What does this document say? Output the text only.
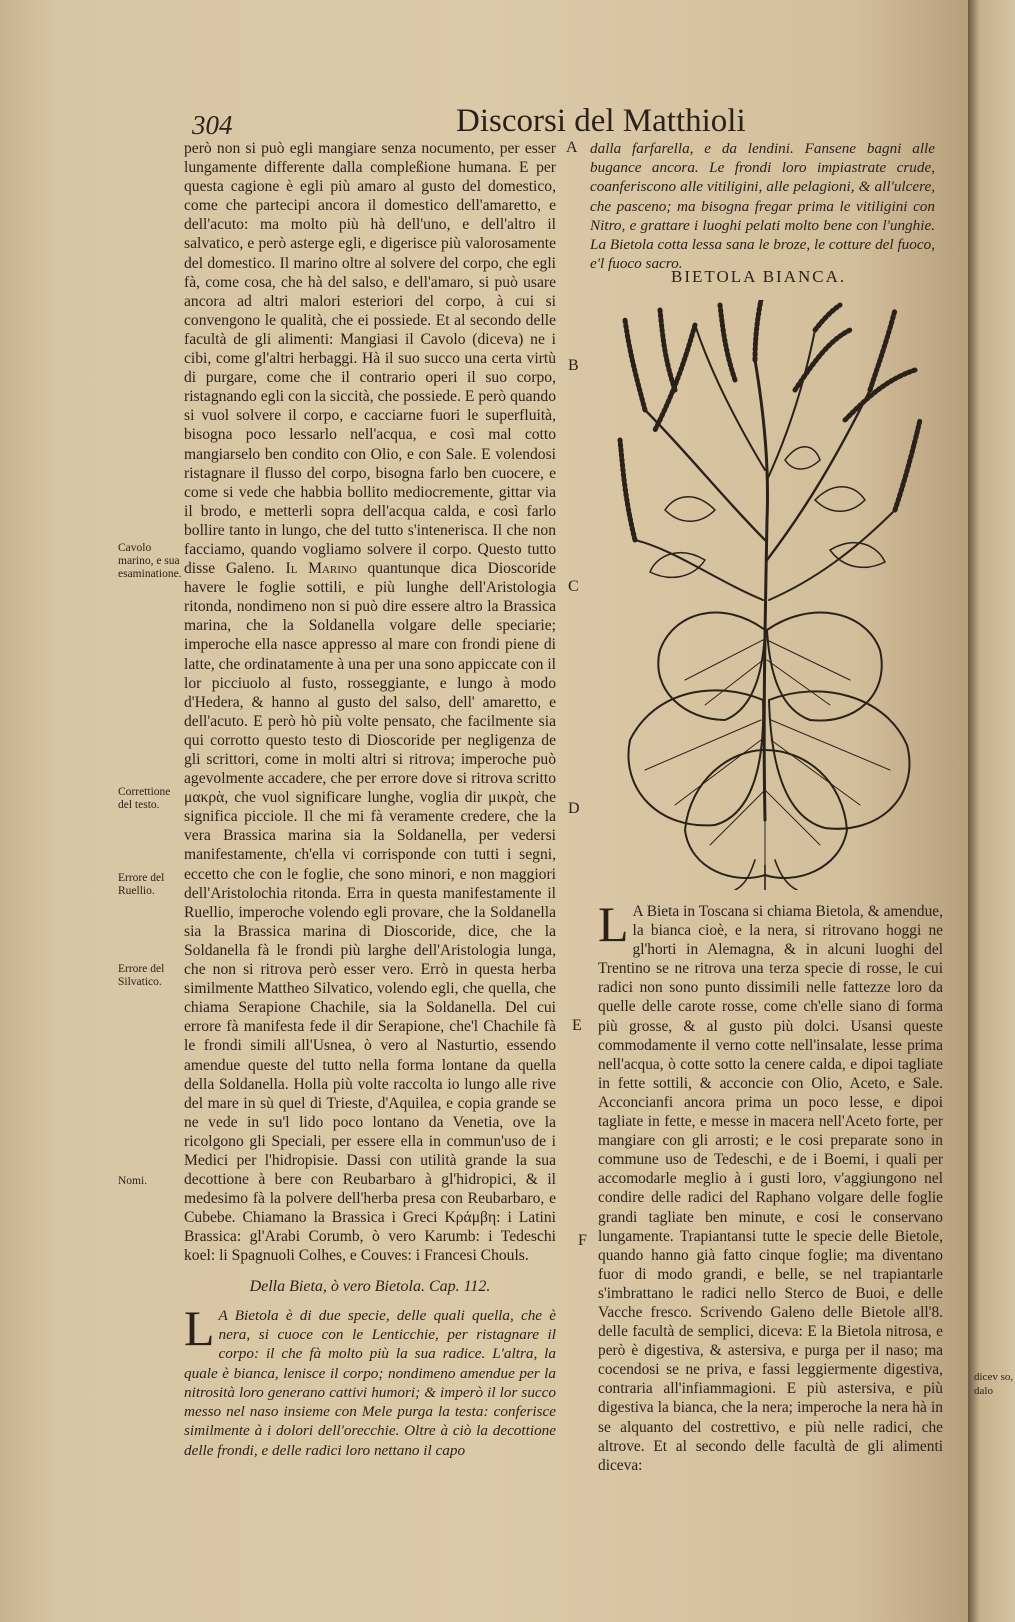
304	Discorsi del Matthioli

però non si può egli mangiare senza nocumento, per esser lungamente differente dalla compleßione humana. E per questa cagione è egli più amaro al gusto del domestico, come che partecipi ancora il domestico dell'amaretto, e dell'acuto: ma molto più hà dell'uno, e dell'altro il salvatico, e però asterge egli, e digerisce più valorosamente del domestico. Il marino oltre al solvere del corpo, che egli fà, come cosa, che hà del salso, e dell'amaro, si può usare ancora ad altri malori esteriori del corpo, à cui si convengono le qualità, che ei possiede. Et al secondo delle facultà de gli alimenti: Mangiasi il Cavolo (diceva) ne i cibi, come gl'altri herbaggi. Hà il suo succo una certa virtù di purgare, come che il contrario operi il suo corpo, ristagnando egli con la siccità, che possiede. E però quando si vuol solvere il corpo, e cacciarne fuori le superfluità, bisogna poco lessarlo nell'acqua, e così mal cotto mangiarselo ben condito con Olio, e con Sale. E volendosi ristagnare il flusso del corpo, bisogna farlo ben cuocere, e come si vede che habbia bollito mediocremente, gittar via il brodo, e metterli sopra dell'acqua calda, e così farlo bollire tanto in lungo, che del tutto s'intenerisca. Il che non facciamo, quando vogliamo solvere il corpo. Questo tutto disse Galeno. Il Marino quantunque dica Dioscoride havere le foglie sottili, e più lunghe dell'Aristologia ritonda, nondimeno non si può dire essere altro la Brassica marina, che la Soldanella volgare delle speciarie; imperoche ella nasce appresso al mare con frondi piene di latte, che ordinatamente à una per una sono appiccate con il lor picciuolo al fusto, rosseggiante, e lungo à modo d'Hedera, & hanno al gusto del salso, dell' amaretto, e dell'acuto. E però hò più volte pensato, che facilmente sia qui corrotto questo testo di Dioscoride per negligenza de gli scrittori, come in molti altri si ritrova; imperoche può agevolmente accadere, che per errore dove si ritrova scritto μακρὰ, che vuol significare lunghe, voglia dir μικρὰ, che significa picciole. Il che mi fà veramente credere, che la vera Brassica marina sia la Soldanella, per vedersi manifestamente, ch'ella vi corrisponde con tutti i segni, eccetto che con le foglie, che sono minori, e non maggiori dell'Aristolochia ritonda. Erra in questa manifestamente il Ruellio, imperoche volendo egli provare, che la Soldanella sia la Brassica marina di Dioscoride, dice, che la Soldanella fà le frondi più larghe dell'Aristologia lunga, che non si ritrova però esser vero. Errò in questa herba similmente Mattheo Silvatico, volendo egli, che quella, che chiama Serapione Chachile, sia la Soldanella. Del cui errore fà manifesta fede il dir Serapione, che'l Chachile fà le frondi simili all'Usnea, ò vero al Nasturtio, essendo amendue queste del tutto nella forma lontane da quella della Soldanella. Holla più volte raccolta io lungo alle rive del mare in sù quel di Trieste, d'Aquilea, e copia grande se ne vede in su'l lido poco lontano da Venetia, ove la ricolgono gli Speciali, per essere ella in commun'uso de i Medici per l'hidropisie. Dassi con utilità grande la sua decottione à bere con Reubarbaro à gl'hidropici, & il medesimo fà la polvere dell'herba presa con Reubarbaro, e Cubebe. Chiamano la Brassica i Greci Κράμβη: i Latini Brassica: gl'Arabi Corumb, ò vero Karumb: i Tedeschi koel: li Spagnuoli Colhes, e Couves: i Francesi Chouls.

Della Bieta, ò vero Bietola. Cap. 112.

L A Bietola è di due specie, delle quali quella, che è nera, si cuoce con le Lenticchie, per ristagnare il corpo: il che fà molto più la sua radice. L'altra, la quale è bianca, lenisce il corpo; nondimeno amendue per la nitrosità loro generano cattivi humori; & imperò il lor succo messo nel naso insieme con Mele purga la testa: conferisce similmente à i dolori dell'orecchie. Oltre à ciò la decottione delle frondi, e delle radici loro nettano il capo

Cavolo marino, e sua esaminatione.
Correttione del testo.
Errore del Ruellio.
Errore del Silvatico.
Nomi.
A
B
C
D
E
F
dalla farfarella, e da lendini. Fansene bagni alle bugance ancora. Le frondi loro impiastrate crude, coanferiscono alle vitiligini, alle pelagioni, & all'ulcere, che pasceno; ma bisogna fregar prima le vitiligini con Nitro, e grattare i luoghi pelati molto bene con l'unghie. La Bietola cotta lessa sana le broze, le cotture del fuoco, e'l fuoco sacro.
BIETOLA BIANCA.

L A Bieta in Toscana si chiama Bietola, & amendue, la bianca cioè, e la nera, si ritrovano hoggi ne gl'horti in Alemagna, & in alcuni luoghi del Trentino se ne ritrova una terza specie di rosse, le cui radici non sono punto dissimili nelle fattezze loro da quelle delle carote rosse, come ch'elle siano di forma più grosse, & al gusto più dolci. Usansi queste commodamente il verno cotte nell'insalate, lesse prima nell'acqua, ò cotte sotto la cenere calda, e dipoi tagliate in fette sottili, & acconcie con Olio, Aceto, e Sale. Acconcianfi ancora prima un poco lesse, e dipoi tagliate in fette, e messe in macera nell'Aceto forte, per mangiare con gli arrosti; e le cosi preparate sono in commune uso de Tedeschi, e de i Boemi, i quali per accomodarle meglio à i gusti loro, v'aggiungono nel condire delle radici del Raphano volgare delle foglie grandi tagliate ben minute, e cosi le conservano lungamente. Trapiantansi tutte le specie delle Bietole, quando hanno già fatto cinque foglie; ma diventano fuor di modo grandi, e belle, se nel trapiantarle s'imbrattano le radici nello Sterco de Buoi, e delle Vacche fresco. Scrivendo Galeno delle Bietole all'8. delle facultà de semplici, diceva: E la Bietola nitrosa, e però è digestiva, & astersiva, e purga per il naso; ma cocendosi se ne priva, e fassi leggiermente digestiva, contraria all'infiammagioni. E più astersiva, e più digestiva la bianca, che la nera; imperoche la nera hà in se alquanto del costrettivo, e più nelle radici, che altrove. Et al secondo delle facultà de gli alimenti diceva:

dicev so, dalo
